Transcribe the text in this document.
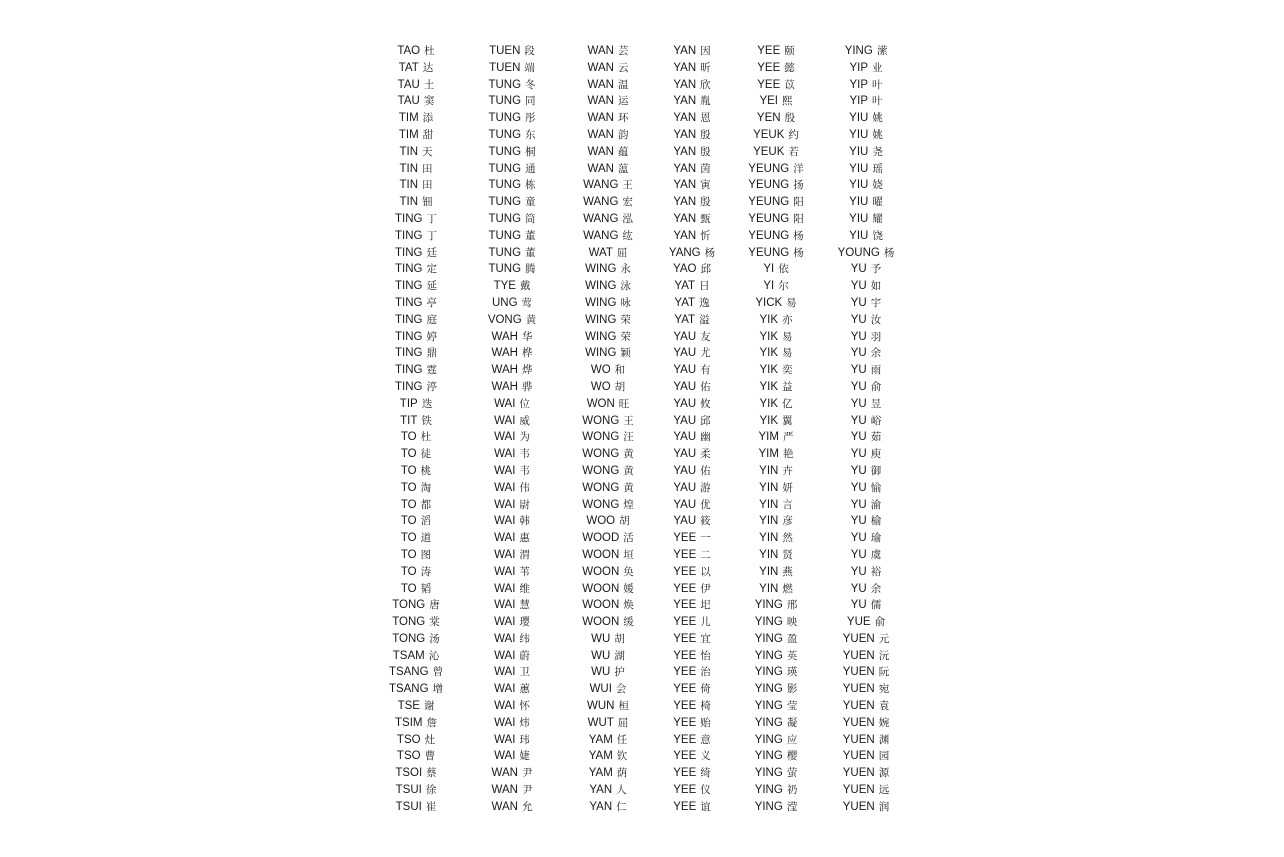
TAO 杜
TAT 达
TAU 土
TAU 窦
TIM 添
TIM 甜
TIN 天
TIN 田
TIN 田
TIN 钿
TING 丁
TING 丁
TING 廷
TING 定
TING 延
TING 亭
TING 庭
TING 婷
TING 鼎
TING 霆
TING 渟
TIP 迭
TIT 铁
TO 杜
TO 徒
TO 桃
TO 淘
TO 都
TO 滔
TO 道
TO 图
TO 涛
TO 韬
TONG 唐
TONG 棠
TONG 汤
TSAM 沁
TSANG 曾
TSANG 增
TSE 谢
TSIM 詹
TSO 灶
TSO 曹
TSOI 蔡
TSUI 徐
TSUI 崔
TUEN 段
TUEN 端
TUNG 冬
TUNG 同
TUNG 彤
TUNG 东
TUNG 桐
TUNG 通
TUNG 栋
TUNG 童
TUNG 筒
TUNG 董
TUNG 董
TUNG 腾
TYE 戴
UNG 莺
VONG 黄
WAH 华
WAH 桦
WAH 烨
WAH 骅
WAI 位
WAI 威
WAI 为
WAI 韦
WAI 韦
WAI 伟
WAI 尉
WAI 韩
WAI 惠
WAI 渭
WAI 苇
WAI 维
WAI 慧
WAI 璎
WAI 纬
WAI 蔚
WAI 卫
WAI 蕙
WAI 怀
WAI 炜
WAI 玮
WAI 婕
WAN 尹
WAN 尹
WAN 允
WAN 芸
WAN 云
WAN 温
WAN 运
WAN 环
WAN 韵
WAN 蕴
WAN 蕰
WANG 王
WANG 宏
WANG 泓
WANG 纮
WAT 屈
WING 永
WING 泳
WING 咏
WING 荣
WING 荣
WING 颖
WO 和
WO 胡
WON 旺
WONG 王
WONG 汪
WONG 黄
WONG 黄
WONG 黄
WONG 煌
WOO 胡
WOOD 活
WOON 垣
WOON 奂
WOON 媛
WOON 焕
WOON 缓
WU 胡
WU 湖
WU 护
WUI 会
WUN 桓
WUT 屈
YAM 任
YAM 钦
YAM 荫
YAN 人
YAN 仁
YAN 因
YAN 昕
YAN 欣
YAN 胤
YAN 恩
YAN 殷
YAN 殷
YAN 茵
YAN 寅
YAN 殷
YAN 甄
YAN 忻
YANG 杨
YAO 邱
YAT 日
YAT 逸
YAT 溢
YAU 友
YAU 尤
YAU 有
YAU 佑
YAU 攸
YAU 邱
YAU 幽
YAU 柔
YAU 佑
YAU 游
YAU 优
YAU 筱
YEE 一
YEE 二
YEE 以
YEE 伊
YEE 圯
YEE 儿
YEE 宜
YEE 怡
YEE 治
YEE 倚
YEE 椅
YEE 贻
YEE 意
YEE 义
YEE 绮
YEE 仪
YEE 谊
YEE 颐
YEE 懿
YEE 苡
YEI 熙
YEN 殷
YEUK 约
YEUK 若
YEUNG 洋
YEUNG 扬
YEUNG 阳
YEUNG 阳
YEUNG 杨
YEUNG 杨
YI 依
YI 尔
YICK 易
YIK 亦
YIK 易
YIK 易
YIK 奕
YIK 益
YIK 亿
YIK 翼
YIM 严
YIM 艳
YIN 卉
YIN 妍
YIN 言
YIN 彦
YIN 然
YIN 贤
YIN 燕
YIN 燃
YING 邢
YING 映
YING 盈
YING 英
YING 瑛
YING 影
YING 莹
YING 凝
YING 应
YING 樱
YING 萤
YING 礽
YING 滢
YING 潆
YIP 业
YIP 叶
YIP 叶
YIU 姚
YIU 姚
YIU 尧
YIU 瑶
YIU 娆
YIU 曜
YIU 耀
YIU 饶
YOUNG 杨
YU 予
YU 如
YU 宇
YU 汝
YU 羽
YU 余
YU 雨
YU 俞
YU 昱
YU 峪
YU 茹
YU 庾
YU 御
YU 愉
YU 渝
YU 榆
YU 瑜
YU 虞
YU 裕
YU 余
YU 儒
YUE 俞
YUEN 元
YUEN 沅
YUEN 阮
YUEN 宛
YUEN 袁
YUEN 婉
YUEN 渊
YUEN 园
YUEN 源
YUEN 远
YUEN 润
